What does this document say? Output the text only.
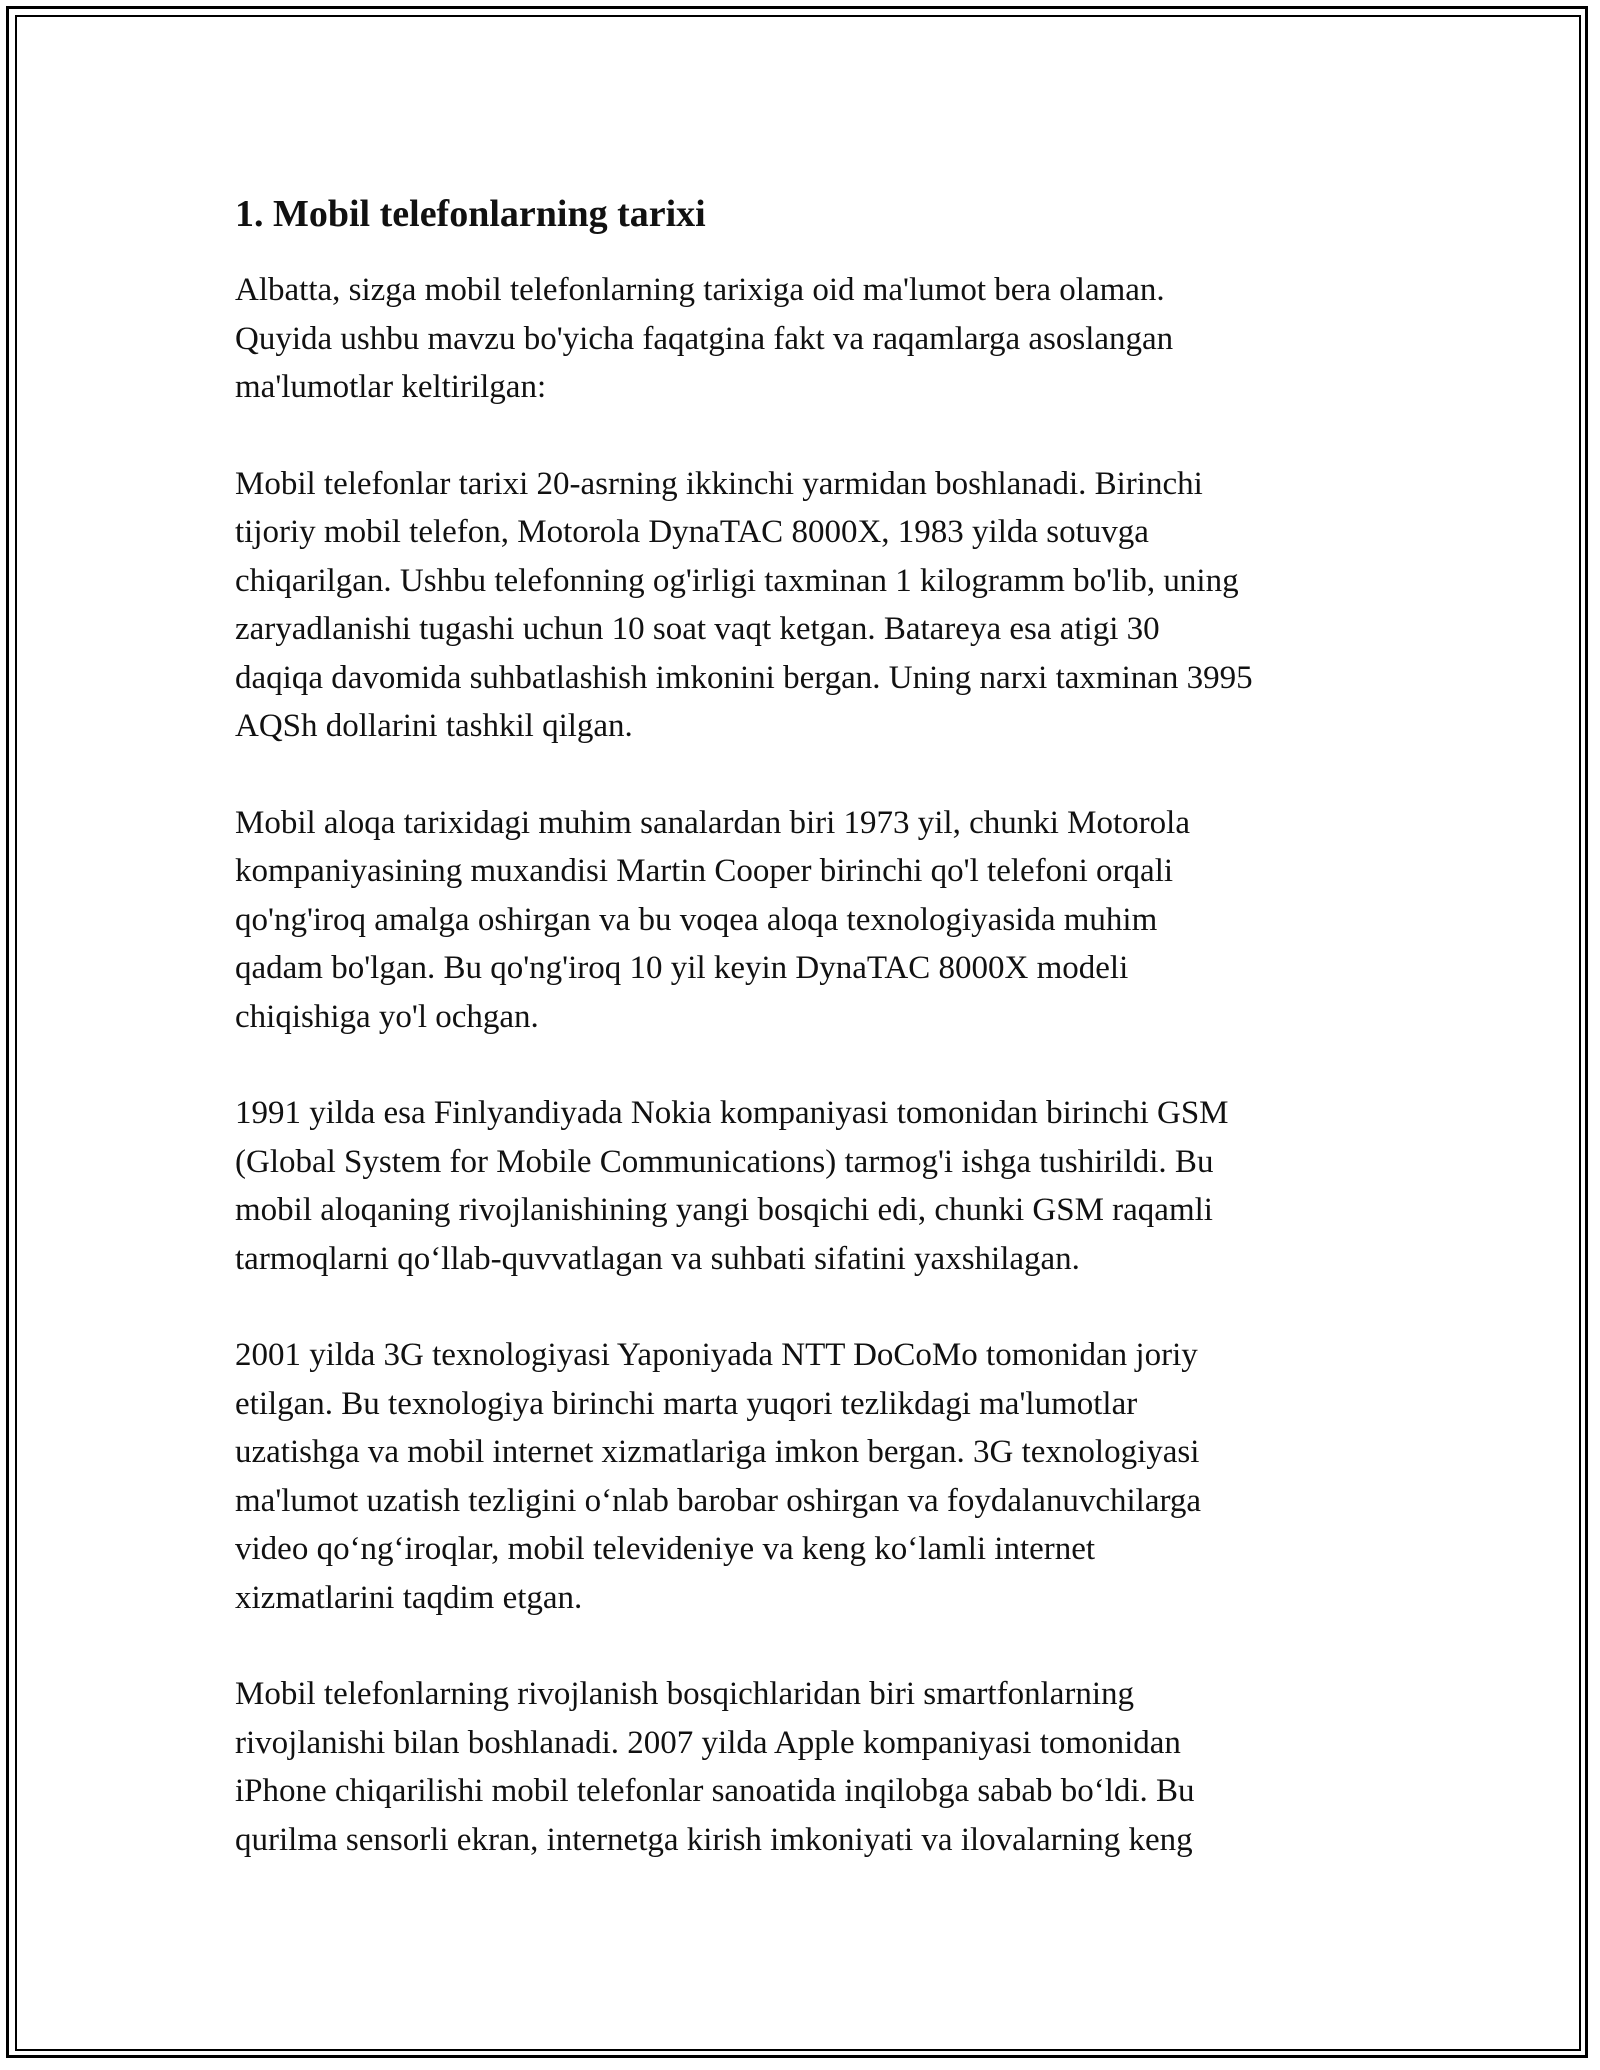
1. Mobil telefonlarning tarixi

Albatta, sizga mobil telefonlarning tarixiga oid ma'lumot bera olaman.
Quyida ushbu mavzu bo'yicha faqatgina fakt va raqamlarga asoslangan
ma'lumotlar keltirilgan:

Mobil telefonlar tarixi 20-asrning ikkinchi yarmidan boshlanadi. Birinchi
tijoriy mobil telefon, Motorola DynaTAC 8000X, 1983 yilda sotuvga
chiqarilgan. Ushbu telefonning og'irligi taxminan 1 kilogramm bo'lib, uning
zaryadlanishi tugashi uchun 10 soat vaqt ketgan. Batareya esa atigi 30
daqiqa davomida suhbatlashish imkonini bergan. Uning narxi taxminan 3995
AQSh dollarini tashkil qilgan.

Mobil aloqa tarixidagi muhim sanalardan biri 1973 yil, chunki Motorola
kompaniyasining muxandisi Martin Cooper birinchi qo'l telefoni orqali
qo'ng'iroq amalga oshirgan va bu voqea aloqa texnologiyasida muhim
qadam bo'lgan. Bu qo'ng'iroq 10 yil keyin DynaTAC 8000X modeli
chiqishiga yo'l ochgan.

1991 yilda esa Finlyandiyada Nokia kompaniyasi tomonidan birinchi GSM
(Global System for Mobile Communications) tarmog'i ishga tushirildi. Bu
mobil aloqaning rivojlanishining yangi bosqichi edi, chunki GSM raqamli
tarmoqlarni qo‘llab-quvvatlagan va suhbati sifatini yaxshilagan.

2001 yilda 3G texnologiyasi Yaponiyada NTT DoCoMo tomonidan joriy
etilgan. Bu texnologiya birinchi marta yuqori tezlikdagi ma'lumotlar
uzatishga va mobil internet xizmatlariga imkon bergan. 3G texnologiyasi
ma'lumot uzatish tezligini o‘nlab barobar oshirgan va foydalanuvchilarga
video qo‘ng‘iroqlar, mobil televideniye va keng ko‘lamli internet
xizmatlarini taqdim etgan.

Mobil telefonlarning rivojlanish bosqichlaridan biri smartfonlarning
rivojlanishi bilan boshlanadi. 2007 yilda Apple kompaniyasi tomonidan
iPhone chiqarilishi mobil telefonlar sanoatida inqilobga sabab bo‘ldi. Bu
qurilma sensorli ekran, internetga kirish imkoniyati va ilovalarning keng
